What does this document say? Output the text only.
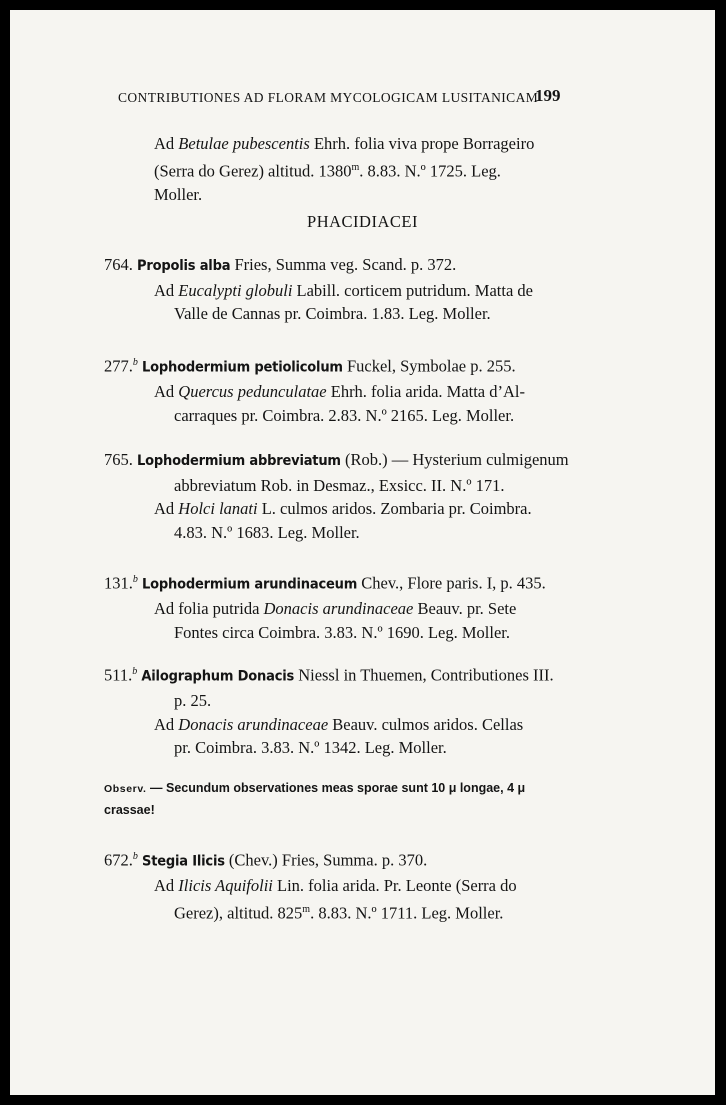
CONTRIBUTIONES AD FLORAM MYCOLOGICAM LUSITANICAM
199
Ad Betulae pubescentis Ehrh. folia viva prope Borrageiro
(Serra do Gerez) altitud. 1380$^m$. 8.83. N.º 1725. Leg.
Moller.
PHACIDIACEI
764. Propolis alba Fries, Summa veg. Scand. p. 372.
Ad Eucalypti globuli Labill. corticem putridum. Matta de
Valle de Cannas pr. Coimbra. 1.83. Leg. Moller.
277.$^b$ Lophodermium petiolicolum Fuckel, Symbolae p. 255.
Ad Quercus pedunculatae Ehrh. folia arida. Matta d’Al-
carraques pr. Coimbra. 2.83. N.º 2165. Leg. Moller.
765. Lophodermium abbreviatum (Rob.) — Hysterium culmigenum
abbreviatum Rob. in Desmaz., Exsicc. II. N.º 171.
Ad Holci lanati L. culmos aridos. Zombaria pr. Coimbra.
4.83. N.º 1683. Leg. Moller.
131.$^b$ Lophodermium arundinaceum Chev., Flore paris. I, p. 435.
Ad folia putrida Donacis arundinaceae Beauv. pr. Sete
Fontes circa Coimbra. 3.83. N.º 1690. Leg. Moller.
511.$^b$ Ailographum Donacis Niessl in Thuemen, Contributiones III.
p. 25.
Ad Donacis arundinaceae Beauv. culmos aridos. Cellas
pr. Coimbra. 3.83. N.º 1342. Leg. Moller.
Observ. — Secundum observationes meas sporae sunt 10 μ longae, 4 μ
crassae!
672.$^b$ Stegia Ilicis (Chev.) Fries, Summa. p. 370.
Ad Ilicis Aquifolii Lin. folia arida. Pr. Leonte (Serra do
Gerez), altitud. 825$^m$. 8.83. N.º 1711. Leg. Moller.
